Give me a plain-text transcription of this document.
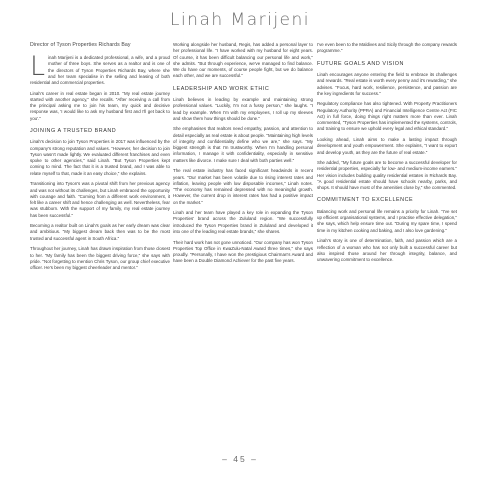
Linah Marijeni
Director of Tyson Properties Richards Bay

Linah Marijeni is a dedicated professional, a wife, and a proud mother of three boys. She serves as a realtor and is one of the directors of Tyson Properties Richards Bay, where she and her team specialise in the selling and leasing of both residential and commercial properties.

Linah's career in real estate began in 2010. "My real estate journey started with another agency," she recalls. "After receiving a call from the principal asking me to join his team, my quick and decisive response was, 'I would like to ask my husband first and I'll get back to you'."

JOINING A TRUSTED BRAND

Linah's decision to join Tyson Properties in 2017 was influenced by the company's strong reputation and values. "However, her decision to join Tyson wasn't made lightly. We evaluated different franchises and even spoke to other agencies," said Linah. "But Tyson Properties kept coming to mind. The fact that it is a trusted brand, and I was able to relate myself to that, made it an easy choice," she explains.

Transitioning into Tyson's was a pivotal shift from her previous agency and was not without its challenges, but Linah embraced the opportunity with courage and faith. "Coming from a different work environment, it felt like a career shift and hence challenging as well. Nevertheless, fear was stubborn. With the support of my family, my real estate journey has been successful."

Becoming a realtor built on Linah's goals as her early dream was clear and ambitious. "My biggest dream back then was to be the most trusted and successful agent in South Africa."

Throughout her journey, Linah has drawn inspiration from those closest to her. "My family has been the biggest driving force," she says with pride. "Not forgetting to mention Chris Tyson, our group chief executive officer. He's been my biggest cheerleader and mentor."

Working alongside her husband, Regis, has added a personal layer to her professional life. "I have worked with my husband for eight years. Of course, it has been difficult balancing our personal life and work," she admits. "But through experience, we've managed to find balance. We do have our moments, of course people fight, but we do balance each other, and we are successful."

LEADERSHIP AND WORK ETHIC

Linah believes in leading by example and maintaining strong professional values. "Luckily, I'm not a fussy person," she laughs. "I lead by example. When I'm with my employees, I roll up my sleeves and show them how things should be done."

She emphasises that realtors need empathy, passion, and attention to detail especially as real estate is about people. "Maintaining high levels of integrity and confidentiality define who we are," she says. "My biggest strength is that I'm trustworthy. When I'm handling personal information, I manage it with confidentiality, especially in sensitive matters like divorce. I make sure I deal with both parties well."

The real estate industry has faced significant headwinds in recent years. "Our market has been volatile due to rising interest rates and inflation, leaving people with low disposable incomes," Linah notes. "The economy has remained depressed with no meaningful growth. However, the current drop in interest rates has had a positive impact on the market."

Linah and her team have played a key role in expanding the Tyson Properties' brand across the Zululand region. "We successfully introduced the Tyson Properties brand in Zululand and developed it into one of the leading real estate brands," she shares.

Their hard work has not gone unnoticed. "Our company has won Tyson Properties Top Office in KwaZulu-Natal Award three times," she says proudly. "Personally, I have won the prestigious Chairman's Award and have been a Double Diamond Achiever for the past five years.

I've even been to the Maldives and Sicily through the company rewards programme."

FUTURE GOALS AND VISION

Linah encourages anyone entering the field to embrace its challenges and rewards. "Real estate is worth every penny and it's rewarding," she advises. "Focus, hard work, resilience, persistence, and passion are the key ingredients for success."

Regulatory compliance has also tightened. With Property Practitioners Regulatory Authority (PPRA) and Financial Intelligence Centre Act (FIC Act) in full force, doing things right matters more than ever. Linah commented, "Tyson Properties has implemented the systems, controls, and training to ensure we uphold every legal and ethical standard."

Looking ahead, Linah aims to make a lasting impact through development and youth empowerment. She explains, "I want to export and develop youth, as they are the future of real estate."

She added, "My future goals are to become a successful developer for residential properties, especially for low- and medium-income earners." Her vision includes building quality residential estates in Richards Bay. "A good residential estate should have schools nearby, parks, and shops. It should have most of the amenities close by," she commented.

COMMITMENT TO EXCELLENCE

Balancing work and personal life remains a priority for Linah. "I've set up efficient organisational systems, and I practise effective delegation," she says, which help ensure time out. "During my spare time, I spend time in my kitchen cooking and baking, and I also love gardening."

Linah's story is one of determination, faith, and passion which are a reflection of a woman who has not only built a successful career but also inspired those around her through integrity, balance, and unwavering commitment to excellence.

– 45 –
